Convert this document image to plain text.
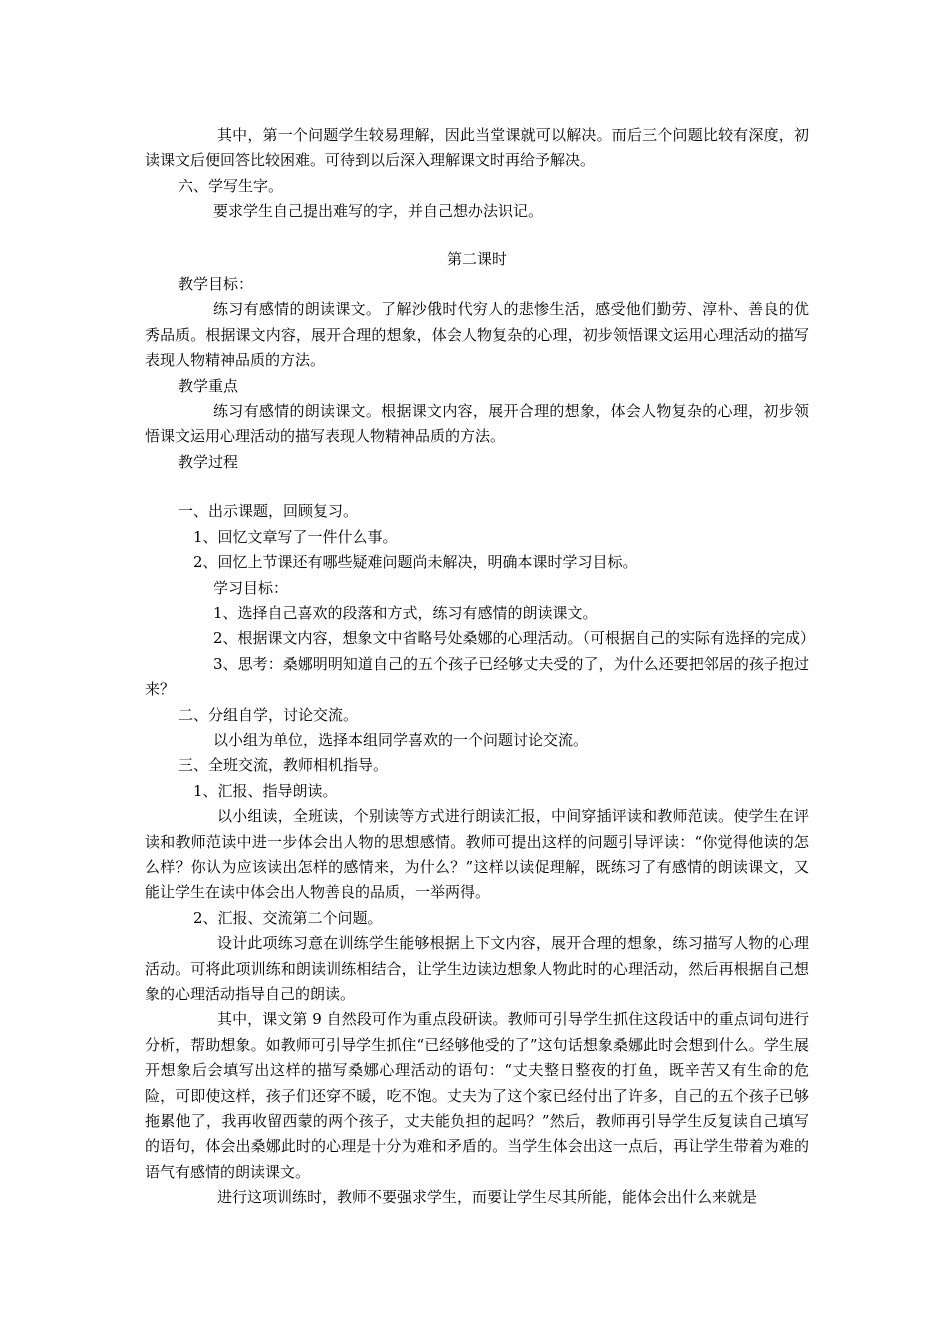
其中，第一个问题学生较易理解，因此当堂课就可以解决。而后三个问题比较有深度，初读课文后便回答比较困难。可待到以后深入理解课文时再给予解决。

六、学写生字。

要求学生自己提出难写的字，并自己想办法识记。

第二课时

教学目标：

练习有感情的朗读课文。了解沙俄时代穷人的悲惨生活，感受他们勤劳、淳朴、善良的优秀品质。根据课文内容，展开合理的想象，体会人物复杂的心理，初步领悟课文运用心理活动的描写表现人物精神品质的方法。

教学重点

练习有感情的朗读课文。根据课文内容，展开合理的想象，体会人物复杂的心理，初步领悟课文运用心理活动的描写表现人物精神品质的方法。

教学过程

一、出示课题，回顾复习。

1、回忆文章写了一件什么事。

2、回忆上节课还有哪些疑难问题尚未解决，明确本课时学习目标。

学习目标：

1、选择自己喜欢的段落和方式，练习有感情的朗读课文。

2、根据课文内容，想象文中省略号处桑娜的心理活动。（可根据自己的实际有选择的完成）

3、思考：桑娜明明知道自己的五个孩子已经够丈夫受的了，为什么还要把邻居的孩子抱过来？

二、分组自学，讨论交流。

以小组为单位，选择本组同学喜欢的一个问题讨论交流。

三、全班交流，教师相机指导。

1、汇报、指导朗读。

以小组读，全班读，个别读等方式进行朗读汇报，中间穿插评读和教师范读。使学生在评读和教师范读中进一步体会出人物的思想感情。教师可提出这样的问题引导评读：“你觉得他读的怎么样？你认为应该读出怎样的感情来，为什么？”这样以读促理解，既练习了有感情的朗读课文，又能让学生在读中体会出人物善良的品质，一举两得。

2、汇报、交流第二个问题。

设计此项练习意在训练学生能够根据上下文内容，展开合理的想象，练习描写人物的心理活动。可将此项训练和朗读训练相结合，让学生边读边想象人物此时的心理活动，然后再根据自己想象的心理活动指导自己的朗读。

其中，课文第 9 自然段可作为重点段研读。教师可引导学生抓住这段话中的重点词句进行分析，帮助想象。如教师可引导学生抓住“已经够他受的了”这句话想象桑娜此时会想到什么。学生展开想象后会填写出这样的描写桑娜心理活动的语句：“丈夫整日整夜的打鱼，既辛苦又有生命的危险，可即使这样，孩子们还穿不暖，吃不饱。丈夫为了这个家已经付出了许多，自己的五个孩子已够拖累他了，我再收留西蒙的两个孩子，丈夫能负担的起吗？”然后，教师再引导学生反复读自己填写的语句，体会出桑娜此时的心理是十分为难和矛盾的。当学生体会出这一点后，再让学生带着为难的语气有感情的朗读课文。

进行这项训练时，教师不要强求学生，而要让学生尽其所能，能体会出什么来就是
